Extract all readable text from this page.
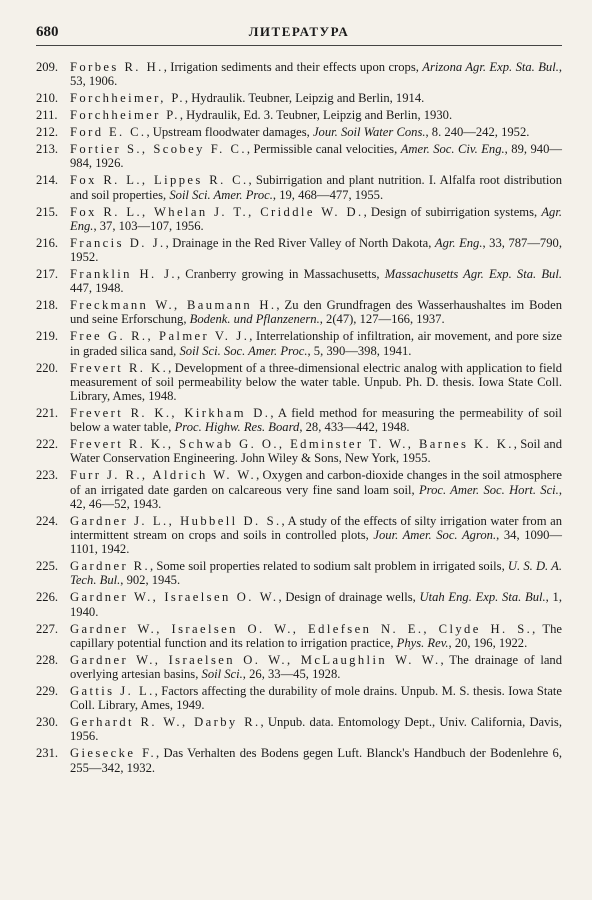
680	ЛИТЕРАТУРА
209. Forbes R. H., Irrigation sediments and their effects upon crops, Arizona Agr. Exp. Sta. Bul., 53, 1906.
210. Forchheimer, P., Hydraulik. Teubner, Leipzig and Berlin, 1914.
211. Forchheimer P., Hydraulik, Ed. 3. Teubner, Leipzig and Berlin, 1930.
212. Ford E. C., Upstream floodwater damages, Jour. Soil Water Cons., 8. 240—242, 1952.
213. Fortier S., Scobey F. C., Permissible canal velocities, Amer. Soc. Civ. Eng., 89, 940—984, 1926.
214. Fox R. L., Lippes R. C., Subirrigation and plant nutrition. I. Alfalfa root distribution and soil properties, Soil Sci. Amer. Proc., 19, 468—477, 1955.
215. Fox R. L., Whelan J. T., Criddle W. D., Design of subirrigation systems, Agr. Eng., 37, 103—107, 1956.
216. Francis D. J., Drainage in the Red River Valley of North Dakota, Agr. Eng., 33, 787—790, 1952.
217. Franklin H. J., Cranberry growing in Massachusetts, Massachusetts Agr. Exp. Sta. Bul. 447, 1948.
218. Freckmann W., Baumann H., Zu den Grundfragen des Wasserhaushaltes im Boden und seine Erforschung, Bodenk. und Pflanzenern., 2(47), 127—166, 1937.
219. Free G. R., Palmer V. J., Interrelationship of infiltration, air movement, and pore size in graded silica sand, Soil Sci. Soc. Amer. Proc., 5, 390—398, 1941.
220. Frevert R. K., Development of a three-dimensional electric analog with application to field measurement of soil permeability below the water table. Unpub. Ph. D. thesis. Iowa State Coll. Library, Ames, 1948.
221. Frevert R. K., Kirkham D., A field method for measuring the permeability of soil below a water table, Proc. Highw. Res. Board, 28, 433—442, 1948.
222. Frevert R. K., Schwab G. O., Edminster T. W., Barnes K. K., Soil and Water Conservation Engineering. John Wiley & Sons, New York, 1955.
223. Furr J. R., Aldrich W. W., Oxygen and carbon-dioxide changes in the soil atmosphere of an irrigated date garden on calcareous very fine sand loam soil, Proc. Amer. Soc. Hort. Sci., 42, 46—52, 1943.
224. Gardner J. L., Hubbell D. S., A study of the effects of silty irrigation water from an intermittent stream on crops and soils in controlled plots, Jour. Amer. Soc. Agron., 34, 1090—1101, 1942.
225. Gardner R., Some soil properties related to sodium salt problem in irrigated soils, U. S. D. A. Tech. Bul., 902, 1945.
226. Gardner W., Israelsen O. W., Design of drainage wells, Utah Eng. Exp. Sta. Bul., 1, 1940.
227. Gardner W., Israelsen O. W., Edlefsen N. E., Clyde H. S., The capillary potential function and its relation to irrigation practice, Phys. Rev., 20, 196, 1922.
228. Gardner W., Israelsen O. W., McLaughlin W. W., The drainage of land overlying artesian basins, Soil Sci., 26, 33—45, 1928.
229. Gattis J. L., Factors affecting the durability of mole drains. Unpub. M. S. thesis. Iowa State Coll. Library, Ames, 1949.
230. Gerhardt R. W., Darby R., Unpub. data. Entomology Dept., Univ. California, Davis, 1956.
231. Giesecke F., Das Verhalten des Bodens gegen Luft. Blanck's Handbuch der Bodenlehre 6, 255—342, 1932.
